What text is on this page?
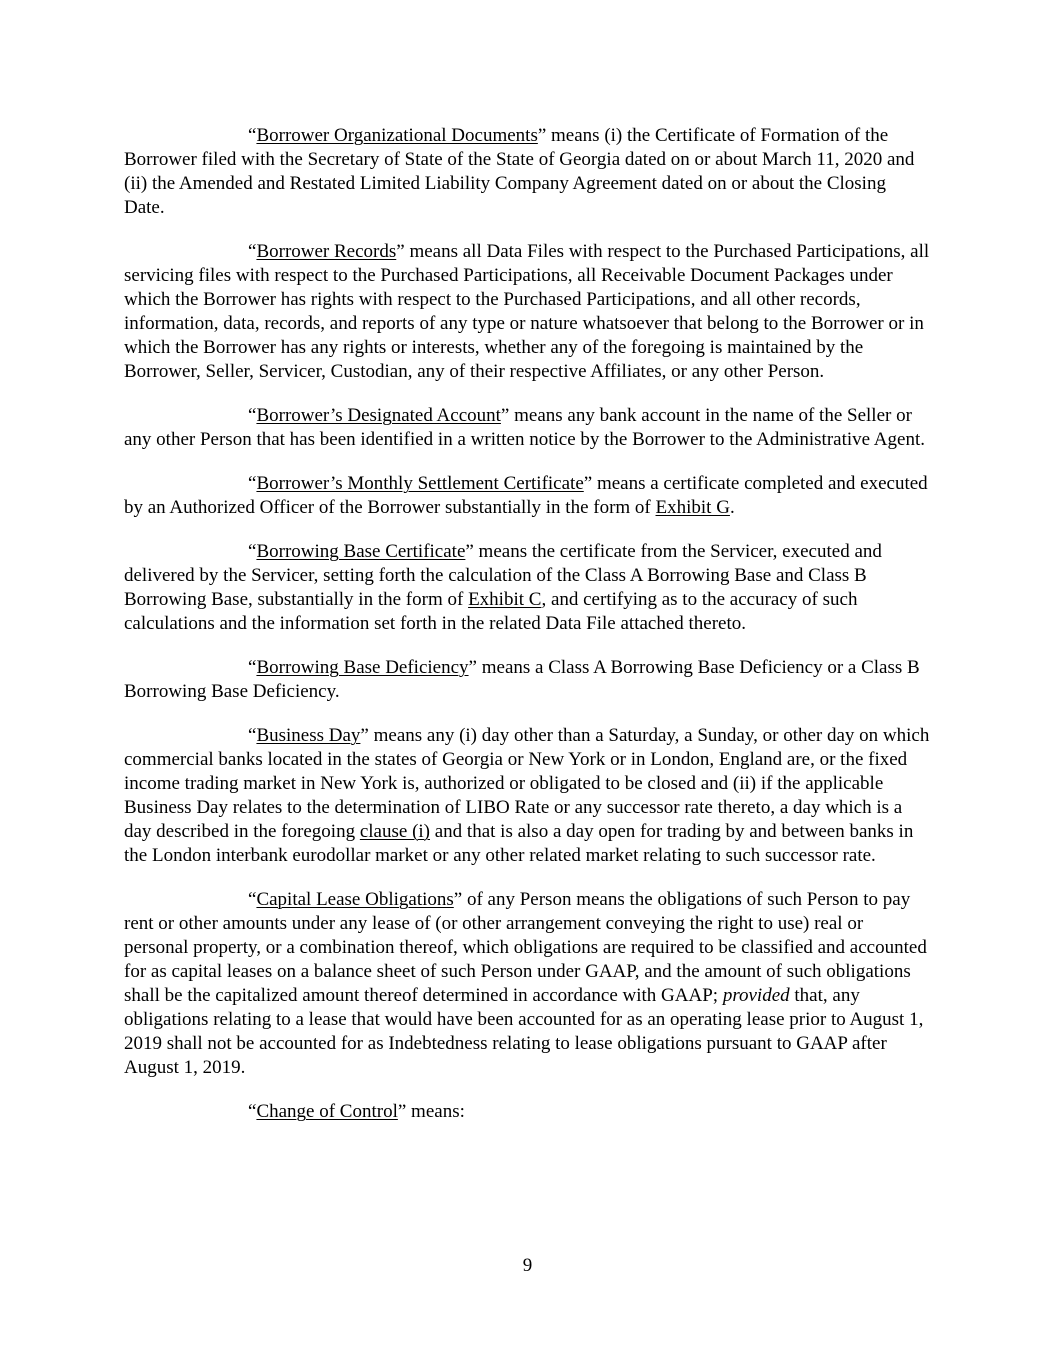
“Borrower Organizational Documents” means (i) the Certificate of Formation of the Borrower filed with the Secretary of State of the State of Georgia dated on or about March 11, 2020 and (ii) the Amended and Restated Limited Liability Company Agreement dated on or about the Closing Date.

“Borrower Records” means all Data Files with respect to the Purchased Participations, all servicing files with respect to the Purchased Participations, all Receivable Document Packages under which the Borrower has rights with respect to the Purchased Participations, and all other records, information, data, records, and reports of any type or nature whatsoever that belong to the Borrower or in which the Borrower has any rights or interests, whether any of the foregoing is maintained by the Borrower, Seller, Servicer, Custodian, any of their respective Affiliates, or any other Person.

“Borrower’s Designated Account” means any bank account in the name of the Seller or any other Person that has been identified in a written notice by the Borrower to the Administrative Agent.

“Borrower’s Monthly Settlement Certificate” means a certificate completed and executed by an Authorized Officer of the Borrower substantially in the form of Exhibit G.

“Borrowing Base Certificate” means the certificate from the Servicer, executed and delivered by the Servicer, setting forth the calculation of the Class A Borrowing Base and Class B Borrowing Base, substantially in the form of Exhibit C, and certifying as to the accuracy of such calculations and the information set forth in the related Data File attached thereto.

“Borrowing Base Deficiency” means a Class A Borrowing Base Deficiency or a Class B Borrowing Base Deficiency.

“Business Day” means any (i) day other than a Saturday, a Sunday, or other day on which commercial banks located in the states of Georgia or New York or in London, England are, or the fixed income trading market in New York is, authorized or obligated to be closed and (ii) if the applicable Business Day relates to the determination of LIBO Rate or any successor rate thereto, a day which is a day described in the foregoing clause (i) and that is also a day open for trading by and between banks in the London interbank eurodollar market or any other related market relating to such successor rate.

“Capital Lease Obligations” of any Person means the obligations of such Person to pay rent or other amounts under any lease of (or other arrangement conveying the right to use) real or personal property, or a combination thereof, which obligations are required to be classified and accounted for as capital leases on a balance sheet of such Person under GAAP, and the amount of such obligations shall be the capitalized amount thereof determined in accordance with GAAP; provided that, any obligations relating to a lease that would have been accounted for as an operating lease prior to August 1, 2019 shall not be accounted for as Indebtedness relating to lease obligations pursuant to GAAP after August 1, 2019.

“Change of Control” means:

9
